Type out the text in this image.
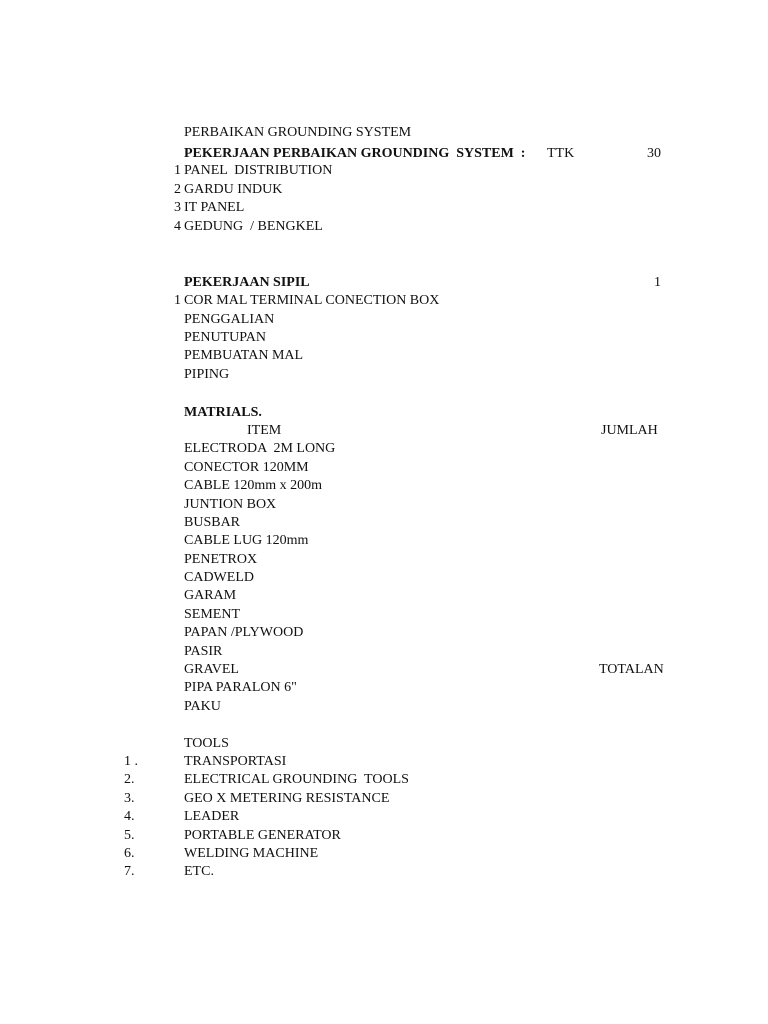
PERBAIKAN GROUNDING SYSTEM
PEKERJAAN PERBAIKAN GROUNDING  SYSTEM  : TTK	30
1 PANEL  DISTRIBUTION
2 GARDU INDUK
3 IT PANEL
4 GEDUNG  / BENGKEL
PEKERJAAN SIPIL	1
1 COR MAL TERMINAL CONECTION BOX
PENGGALIAN
PENUTUPAN
PEMBUATAN MAL
PIPING
MATRIALS.
ITEM	JUMLAH
ELECTRODA  2M LONG
CONECTOR 120MM
CABLE 120mm x 200m
JUNTION BOX
BUSBAR
CABLE LUG 120mm
PENETROX
CADWELD
GARAM
SEMENT
PAPAN /PLYWOOD
PASIR
GRAVEL	TOTALAN
PIPA PARALON 6"
PAKU
TOOLS
1 .	TRANSPORTASI
2.	ELECTRICAL GROUNDING  TOOLS
3.	GEO X METERING RESISTANCE
4.	LEADER
5.	PORTABLE GENERATOR
6.	WELDING MACHINE
7.	ETC.
